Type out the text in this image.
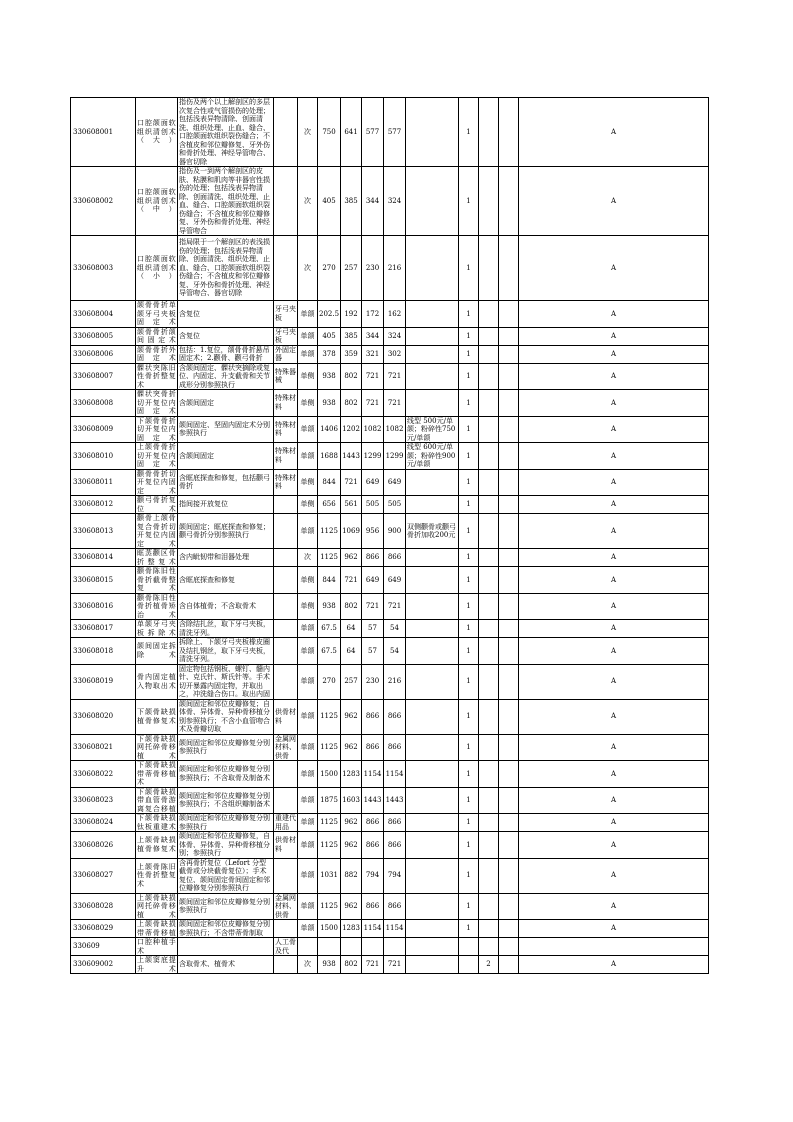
330608001	口腔颌面软组织清创术（大）	指伤及两个以上解剖区的多层次复合性或气管损伤的处理；包括浅表异物清除、创面清洗、组织处理、止血、缝合、口腔颌面软组织裂伤缝合；不含植皮和邻位瓣修复、牙外伤和骨折处理、神经导管吻合、器官切除		次	750	641	577	577		1			A
330608002	口腔颌面软组织清创术（中）	指伤及一到两个解剖区的皮肤、粘膜和肌肉等非器官性损伤的处理；包括浅表异物清除、创面清洗、组织处理、止血、缝合、口腔颌面软组织裂伤缝合；不含植皮和邻位瓣修复、牙外伤和骨折处理、神经导管吻合		次	405	385	344	324		1			A
330608003	口腔颌面软组织清创术（小）	指局限于一个解剖区的表浅损伤的处理；包括浅表异物清除、创面清洗、组织处理、止血、缝合、口腔颌面软组织裂伤缝合；不含植皮和邻位瓣修复、牙外伤和骨折处理、神经导管吻合、器官切除		次	270	257	230	216		1			A
330608004	颌骨骨折单颌牙弓夹板固定术	含复位	牙弓夹板	单颌	202.5	192	172	162		1			A
330608005	颌骨骨折颌间固定术	含复位	牙弓夹板	单颌	405	385	344	324		1			A
330608006	颌骨骨折外固定术	包括：1.复位，颌骨骨折悬吊固定术；2.颧骨、颧弓骨折	外固定器	单颌	378	359	321	302		1			A
330608007	髁状突陈旧性骨折整复术	含颌间固定、髁状突摘除或复位、内固定、升支截骨和关节成形分别参照执行	特殊器械	单侧	938	802	721	721		1			A
330608008	髁状突骨折切开复位内固定术	含颌间固定	特殊材料	单侧	938	802	721	721		1			A
330608009	下颌骨骨折切开复位内固定术	颌间固定、坚固内固定术分别参照执行	特殊材料	单颌	1406	1202	1082	1082	线型 500元/单颌；粉碎性750元/单颌	1			A
330608010	上颌骨骨折切开复位内固定术	含颌间固定	特殊材料	单颌	1688	1443	1299	1299	线型 600元/单颌；粉碎性900元/单颌	1			A
330608011	颧骨骨折切开复位内固定术	含眶底探查和修复，包括颧弓骨折	特殊材料	单侧	844	721	649	649		1			A
330608012	颧弓骨折复位术	指间接开放复位		单侧	656	561	505	505		1			A
330608013	颧骨上颌骨复合骨折切开复位内固定术	颌间固定；眶底探查和修复；颧弓骨折分别参照执行		单颌	1125	1069	956	900	双侧颧骨或颧弓骨折加收200元	1			A
330608014	眶蒸颧区骨折整复术	含内眦韧带和泪器处理		次	1125	962	866	866		1			A
330608015	颧骨陈旧性骨折截骨整复术	含眶底探查和修复		单侧	844	721	649	649		1			A
330608016	颧骨陈旧性骨折植骨矫治术	含自体植骨；不含取骨术		单侧	938	802	721	721		1			A
330608017	单颌牙弓夹板拆除术	含除结扎丝，取下牙弓夹板，清洗牙列。		单颌	67.5	64	57	54		1			A
330608018	颌间固定拆除术	拆除上、下颌牙弓夹板橡皮圈及结扎钢丝，取下牙弓夹板，清洗牙列。		单颌	67.5	64	57	54		1			A
330608019	骨内固定植入物取出术	固定物包括钢板、螺钉、髓内针、克氏针、斯氏针等。手术切开暴露内固定物，并取出之，冲洗缝合伤口。取出内固		单颌	270	257	230	216		1			A
330608020	下颌骨缺损植骨修复术	颌间固定和邻位皮瓣修复；自体骨、异体骨、异种骨移植分别参照执行；不含小血管吻合术及骨瓣切取	供骨材料	单颌	1125	962	866	866		1			A
330608021	下颌骨缺损网托碎骨移植术	颌间固定和邻位皮瓣修复分别参照执行	金属网材料、供骨	单颌	1125	962	866	866		1			A
330608022	下颌骨缺损带蒂骨移植术	颌间固定和邻位皮瓣修复分别参照执行；不含取骨及制备术		单颌	1500	1283	1154	1154		1			A
330608023	下颌骨缺损带血管骨游离复合移植	颌间固定和邻位皮瓣修复分别参照执行；不含组织瓣制备术		单颌	1875	1603	1443	1443		1			A
330608024	下颌骨缺损钛板重建术	颌间固定和邻位皮瓣修复分别参照执行	重建代用品	单颌	1125	962	866	866		1			A
330608026	上颌骨缺损植骨修复术	颌间固定和邻位皮瓣修复，自体骨、异体骨、异种骨移植分别；参照执行	供骨材料	单颌	1125	962	866	866		1			A
330608027	上颌骨陈旧性骨折整复术	含再骨折复位（Lefort 分型截骨或分块截骨复位）；手术复位、颌间固定骨间固定和邻位瓣修复分别参照执行		单颌	1031	882	794	794		1			A
330608028	上颌骨缺损网托碎骨移植术	颌间固定和邻位皮瓣修复分别参照执行	金属网材料、供骨	单颌	1125	962	866	866		1			A
330608029	上颌骨缺损带蒂骨移植	颌间固定和邻位皮瓣修复分别参照执行；不含带蒂骨制取		单颌	1500	1283	1154	1154		1			A
330609	口腔种植手术		人工骨及代										
330609002	上颌窦底提升术	含取骨术、植骨术		次	938	802	721	721			2		A
